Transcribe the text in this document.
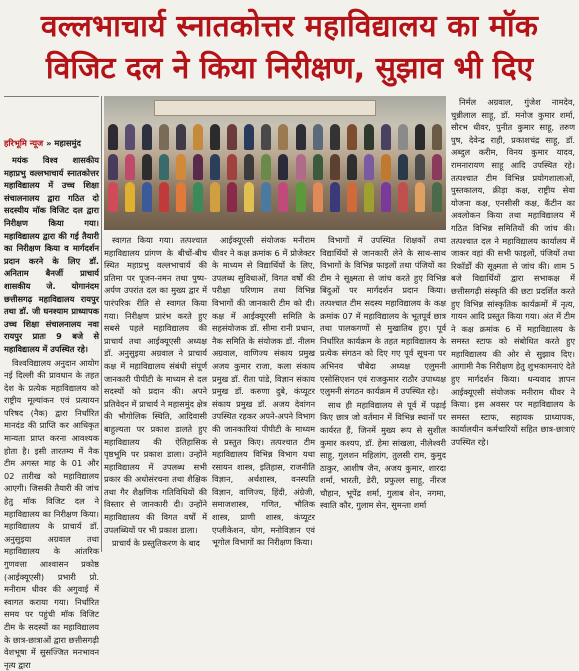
वल्लभाचार्य स्नातकोत्तर महाविद्यालय का मॉक
विजिट दल ने किया निरीक्षण, सुझाव भी दिए
हरिभूमि न्यूज » महासमुंद

मयंक विश्व शासकीय महाप्रभु वल्लभाचार्य स्नातकोत्तर महाविद्यालय में उच्च शिक्षा संचालनालय द्वारा गठित दो सदस्यीय मॉक विजिट दल द्वारा निरीक्षण किया गया। महाविद्यालय द्वारा की गई तैयारी का निरीक्षण किया व मार्गदर्शन प्रदान करने के लिए डॉ. अनिताम बैनर्जी प्राचार्य शासकीय जे. योगानंदम छत्तीसगढ़ महाविद्यालय रायपुर तथा डॉ. जी घनश्याम प्राध्यापक उच्च शिक्षा संचालनालय नवा रायपुर प्रातः 9 बजे से महाविद्यालय में उपस्थित रहे।

विश्वविद्यालय अनुदान आयोग नई दिल्ली की प्रावधान के तहत देश के प्रत्येक महाविद्यालय को राष्ट्रीय मूल्यांकन एवं प्रत्यायन परिषद (नैक) द्वारा निर्धारित मानदंड की प्राप्ति कर आधिकृत मान्यता प्राप्त करना आवश्यक होता है। इसी तारतम्य में नैक टीम अगस्त माह के 01 और 02 तारीख को महाविद्यालय आएगी। जिसकी तैयारी की जांच हेतु मॉक विजिट दल ने महाविद्यालय का निरीक्षण किया। महाविद्यालय के प्राचार्य डॉ. अनुसुइया अग्रवाल तथा महाविद्यालय के आंतरिक गुणवत्ता आश्वासन प्रकोष्ठ (आईक्यूएसी) प्रभारी प्रो. मनीराम धीवर की अगुवाई में स्वागत कराया गया। निर्धारित समय पर पहुंची मॉक विजिट टीम के सदस्यों का महाविद्यालय के छात्र-छात्राओं द्वारा छत्तीसगढ़ी वेशभूषा में सुसज्जित मनभावन नृत्य द्वारा

स्वागत किया गया। तत्पश्चात महाविद्यालय प्रांगण के बीचों-बीच स्थित महाप्रभु वल्लभाचार्य की प्रतिमा पर पूजन-नमन तथा पुष्प-अर्पण उपरांत दल का मुख्य द्वार में पारंपरिक रीति से स्वागत किया गया। निरीक्षण प्रारंभ करते हुए सबसे पहले महाविद्यालय की प्राचार्य तथा आईक्यूएसी अध्यक्ष डॉ. अनुसुइया अग्रवाल ने प्राचार्य कक्ष में महाविद्यालय संबंधी संपूर्ण जानकारी पीपीटी के माध्यम से दल सदस्यों को प्रदान की। अपने प्रतिवेदन में प्राचार्य ने महासमुंद क्षेत्र की भौगोलिक स्थिति, आदिवासी बाहुल्यता पर प्रकाश डालते हुए महाविद्यालय की ऐतिहासिक पृष्ठभूमि पर प्रकाश डाला। उन्होंने महाविद्यालय में उपलब्ध सभी प्रकार की अधोसंरचना तथा शैक्षिक तथा गैर शैक्षणिक गतिविधियों की विस्तार से जानकारी दी। उन्होंने महाविद्यालय की विगत वर्षों में उपलब्धियों पर भी प्रकाश डाला।

प्राचार्य के प्रस्तुतिकरण के बाद

आईक्यूएसी संयोजक मनीराम धीवर ने कक्ष क्रमांक 6 में प्रोजेक्टर के माध्यम से विद्यार्थियों के लिए, उपलब्ध सुविधाओं, विगत वर्षों की परीक्षा परिणाम तथा विभिन्न विभागों की जानकारी टीम को दी। कक्ष में आईक्यूएसी समिति के सहसंयोजक डॉ. सीमा रानी प्रधान, नैक समिति के संयोजक डॉ. नीलम अग्रवाल, वाणिज्य संकाय प्रमुख अजय कुमार राजा, कला संकाय प्रमुख डॉ. रीता पांडे, विज्ञान संकाय प्रमुख डॉ. करुणा दुबे, कंप्यूटर संकाय प्रमुख डॉ. अजय देवांगन उपस्थित रहकर अपने-अपने विभाग की जानकारियां पीपीटी के माध्यम से प्रस्तुत किए। तत्पश्चात टीम महाविद्यालय विभिन्न विभाग यथा रसायन शास्त्र, इतिहास, राजनीति विज्ञान, अर्थशास्त्र, वनस्पति विज्ञान, वाणिज्य, हिंदी, अंग्रेजी, समाजशास्त्र, गणित, भौतिक शास्त्र, प्राणी शास्त्र, कंप्यूटर एप्लीकेशन, योग, मनोविज्ञान एवं भूगोल विभागों का निरीक्षण किया।

विभागों में उपस्थित शिक्षकों तथा विद्यार्थियों से जानकारी लेने के साथ-साथ विभागों के विभिन्न फाइलों तथा पंजियों का टीम ने सूक्ष्मता से जांच करते हुए विभिन्न बिंदुओं पर मार्गदर्शन प्रदान किया। तत्पश्चात टीम सदस्य महाविद्यालय के कक्ष क्रमांक 07 में महाविद्यालय के भूतपूर्व छात्र तथा पालकगणों से मुखातिब हुए। पूर्व निर्धारित कार्यक्रम के तहत महाविद्यालय के प्रत्येक संगठन को दिए गए पूर्व सूचना पर अभिनव चौबेदा अध्यक्ष एलुमनी एसोसिएशन एवं राजकुमार राठौर उपाध्यक्ष एलुमनी संगठन कार्यक्रम में उपस्थित रहे।

साथ ही महाविद्यालय से पूर्व में पढ़ाई किए छात्र जो वर्तमान में विभिन्न स्थानों पर कार्यरत हैं, जिनमें मुख्य रूप से सुशील कुमार कश्यप, डॉ. हेमा सांखला, नीलेश्वरी साहू, गुलशन महिलांग, तुलसी राम, कुमुद ठाकुर, आशीष जैन, अजय कुमार, शारदा शर्मा, भारती, डेरी, प्रफुल्ल साहू, नीरज चौहान, भूपेंद्र शर्मा, गुलाब शेन, नगमा, स्वाति कौर, गुलाम सेन, सुमन्ता शर्मा

निर्मल अग्रवाल, गुंजेश नामदेव, चुन्नीलाल साहू, डॉ. मनोज कुमार शर्मा, सौरभ धीवर, पुनीत कुमार साहू, तरुण पुष, देवेन्द्र राही, प्रकाशचंद्र साहू, डॉ. अब्दुल करीम, विनय कुमार यादव, रामनारायण साहू आदि उपस्थित रहे। तत्पश्चात टीम विभिन्न प्रयोगशालाओं, पुस्तकालय, क्रीड़ा कक्ष, राष्ट्रीय सेवा योजना कक्ष, एनसीसी कक्ष, कैंटीन का अवलोकन किया तथा महाविद्यालय में गठित विभिन्न समितियों की जांच की। तत्पश्चात दल ने महाविद्यालय कार्यालय में जाकर वहां की सभी फाइलों, पंजियों तथा रिकॉर्डों की सूक्ष्मता से जांच की। शाम 5 बजे विद्यार्थियों द्वारा सभाकक्ष में छत्तीसगढ़ी संस्कृति की छटा प्रदर्शित करते हुए विभिन्न सांस्कृतिक कार्यक्रमों में नृत्य, गायन आदि प्रस्तुत किया गया। अंत में टीम ने कक्ष क्रमांक 6 में महाविद्यालय के समस्त स्टाफ को संबोधित करते हुए महाविद्यालय की ओर से सुझाव दिए। आगामी नैक निरीक्षण हेतु शुभकामनाएं देते हुए मार्गदर्शन किया। धन्यवाद ज्ञापन आईक्यूएसी संयोजक मनीराम धीवर ने किया। इस अवसर पर महाविद्यालय के समस्त स्टाफ, सहायक प्राध्यापक, कार्यालयीन कर्मचारियों सहित छात्र-छात्राएं उपस्थित रहे।
